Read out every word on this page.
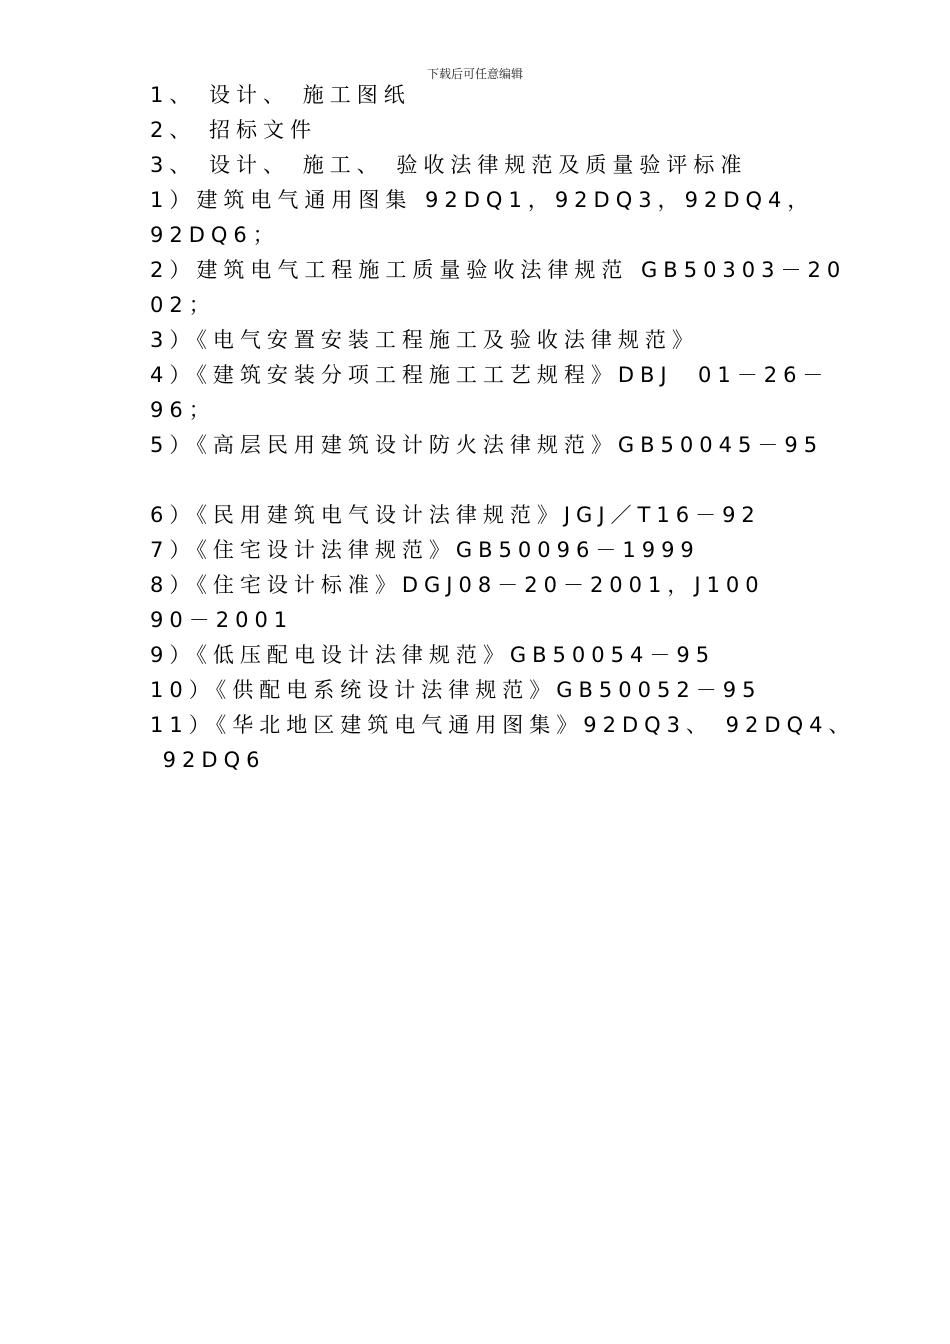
下载后可任意编辑
1、 设计、 施工图纸
2、 招标文件
3、 设计、 施工、 验收法律规范及质量验评标准
1）建筑电气通用图集 92DQ1，92DQ3，92DQ4，
92DQ6；
2）建筑电气工程施工质量验收法律规范 GB50303－20
02；
3）《电气安置安装工程施工及验收法律规范》
4）《建筑安装分项工程施工工艺规程》DBJ  01－26－
96；
5）《高层民用建筑设计防火法律规范》GB50045－95
6）《民用建筑电气设计法律规范》JGJ／T16－92
7）《住宅设计法律规范》GB50096－1999
8）《住宅设计标准》DGJ08－20－2001，J100
90－2001
9）《低压配电设计法律规范》GB50054－95
10）《供配电系统设计法律规范》GB50052－95
11）《华北地区建筑电气通用图集》92DQ3、 92DQ4、
92DQ6
